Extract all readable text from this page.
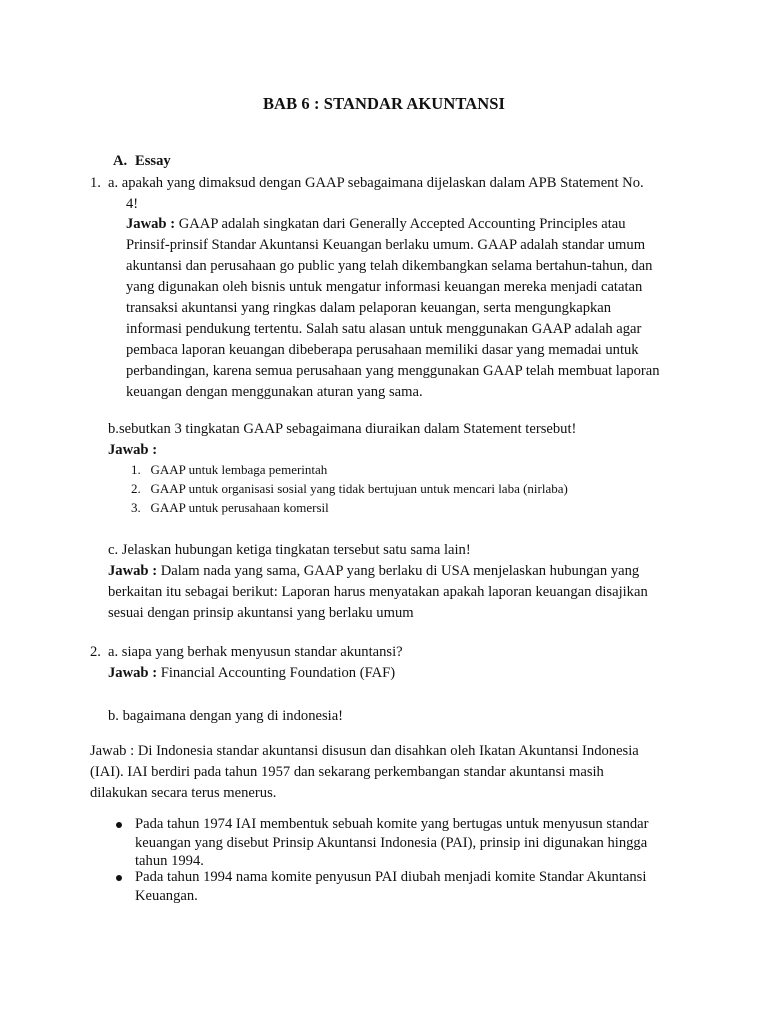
BAB 6 : STANDAR AKUNTANSI
A. Essay
1. a. apakah yang dimaksud dengan GAAP sebagaimana dijelaskan dalam APB Statement No.
4!
Jawab : GAAP adalah singkatan dari Generally Accepted Accounting Principles atau
Prinsif-prinsif Standar Akuntansi Keuangan berlaku umum. GAAP adalah standar umum
akuntansi dan perusahaan go public yang telah dikembangkan selama bertahun-tahun, dan
yang digunakan oleh bisnis untuk mengatur informasi keuangan mereka menjadi catatan
transaksi akuntansi yang ringkas dalam pelaporan keuangan, serta mengungkapkan
informasi pendukung tertentu. Salah satu alasan untuk menggunakan GAAP adalah agar
pembaca laporan keuangan dibeberapa perusahaan memiliki dasar yang memadai untuk
perbandingan, karena semua perusahaan yang menggunakan GAAP telah membuat laporan
keuangan dengan menggunakan aturan yang sama.
b.sebutkan 3 tingkatan GAAP sebagaimana diuraikan dalam Statement tersebut!
Jawab :
1. GAAP untuk lembaga pemerintah
2. GAAP untuk organisasi sosial yang tidak bertujuan untuk mencari laba (nirlaba)
3. GAAP untuk perusahaan komersil
c. Jelaskan hubungan ketiga tingkatan tersebut satu sama lain!
Jawab : Dalam nada yang sama, GAAP yang berlaku di USA menjelaskan hubungan yang
berkaitan itu sebagai berikut: Laporan harus menyatakan apakah laporan keuangan disajikan
sesuai dengan prinsip akuntansi yang berlaku umum
2. a. siapa yang berhak menyusun standar akuntansi?
Jawab : Financial Accounting Foundation (FAF)
b. bagaimana dengan yang di indonesia!
Jawab : Di Indonesia standar akuntansi disusun dan disahkan oleh Ikatan Akuntansi Indonesia
(IAI). IAI berdiri pada tahun 1957 dan sekarang perkembangan standar akuntansi masih
dilakukan secara terus menerus.
Pada tahun 1974 IAI membentuk sebuah komite yang bertugas untuk menyusun standar
keuangan yang disebut Prinsip Akuntansi Indonesia (PAI), prinsip ini digunakan hingga
tahun 1994.
Pada tahun 1994 nama komite penyusun PAI diubah menjadi komite Standar Akuntansi
Keuangan.
